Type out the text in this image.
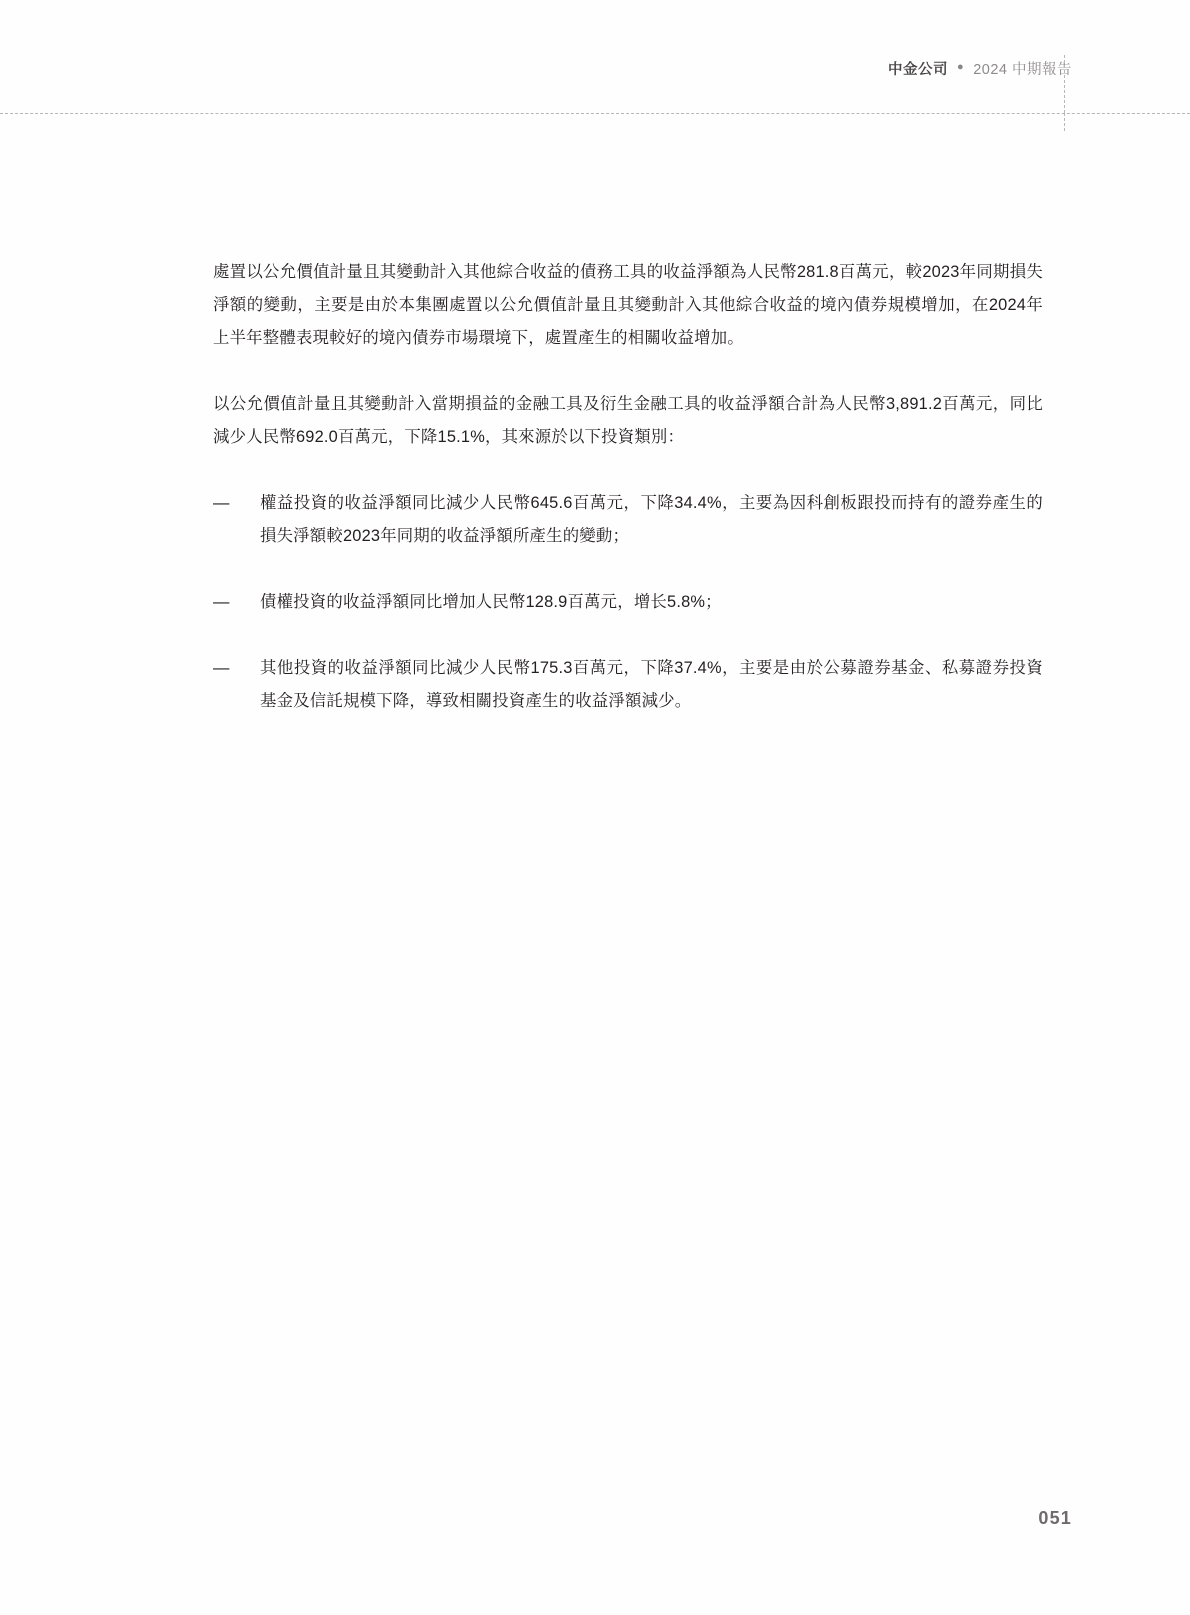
中金公司 ● 2024 中期報告

處置以公允價值計量且其變動計入其他綜合收益的債務工具的收益淨額為人民幣281.8百萬元，較2023年同期損失淨額的變動，主要是由於本集團處置以公允價值計量且其變動計入其他綜合收益的境內債券規模增加，在2024年上半年整體表現較好的境內債券市場環境下，處置產生的相關收益增加。

以公允價值計量且其變動計入當期損益的金融工具及衍生金融工具的收益淨額合計為人民幣3,891.2百萬元，同比減少人民幣692.0百萬元，下降15.1%，其來源於以下投資類別：

—	權益投資的收益淨額同比減少人民幣645.6百萬元，下降34.4%，主要為因科創板跟投而持有的證券產生的損失淨額較2023年同期的收益淨額所產生的變動；
—	債權投資的收益淨額同比增加人民幣128.9百萬元，增长5.8%；
—	其他投資的收益淨額同比減少人民幣175.3百萬元，下降37.4%，主要是由於公募證券基金、私募證券投資基金及信託規模下降，導致相關投資產生的收益淨額減少。
051
